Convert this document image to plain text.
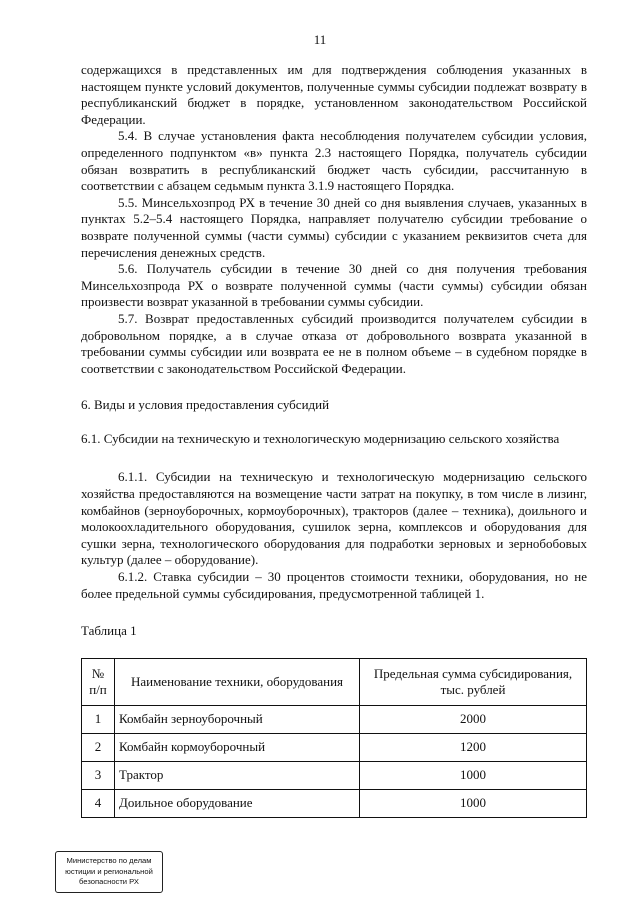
11

содержащихся в представленных им для подтверждения соблюдения указанных в настоящем пункте условий документов, полученные суммы субсидии подлежат возврату в республиканский бюджет в порядке, установленном законодательством Российской Федерации.

5.4. В случае установления факта несоблюдения получателем субсидии условия, определенного подпунктом «в» пункта 2.3 настоящего Порядка, получатель субсидии обязан возвратить в республиканский бюджет часть субсидии, рассчитанную в соответствии с абзацем седьмым пункта 3.1.9 настоящего Порядка.

5.5. Минсельхозпрод РХ в течение 30 дней со дня выявления случаев, указанных в пунктах 5.2–5.4 настоящего Порядка, направляет получателю субсидии требование о возврате полученной суммы (части суммы) субсидии с указанием реквизитов счета для перечисления денежных средств.

5.6. Получатель субсидии в течение 30 дней со дня получения требования Минсельхозпрода РХ о возврате полученной суммы (части суммы) субсидии обязан произвести возврат указанной в требовании суммы субсидии.

5.7. Возврат предоставленных субсидий производится получателем субсидии в добровольном порядке, а в случае отказа от добровольного возврата указанной в требовании суммы субсидии или возврата ее не в полном объеме – в судебном порядке в соответствии с законодательством Российской Федерации.

6. Виды и условия предоставления субсидий

6.1. Субсидии на техническую и технологическую модернизацию сельского хозяйства

6.1.1. Субсидии на техническую и технологическую модернизацию сельского хозяйства предоставляются на возмещение части затрат на покупку, в том числе в лизинг, комбайнов (зерноуборочных, кормоуборочных), тракторов (далее – техника), доильного и молокоохладительного оборудования, сушилок зерна, комплексов и оборудования для сушки зерна, технологического оборудования для подработки зерновых и зернобобовых культур (далее – оборудование).

6.1.2. Ставка субсидии – 30 процентов стоимости техники, оборудования, но не более предельной суммы субсидирования, предусмотренной таблицей 1.

Таблица 1

№ п/п	Наименование техники, оборудования	Предельная сумма субсидирования, тыс. рублей
1	Комбайн зерноуборочный	2000
2	Комбайн кормоуборочный	1200
3	Трактор	1000
4	Доильное оборудование	1000
Министерство по делам
юстиции и региональной
безопасности РХ
